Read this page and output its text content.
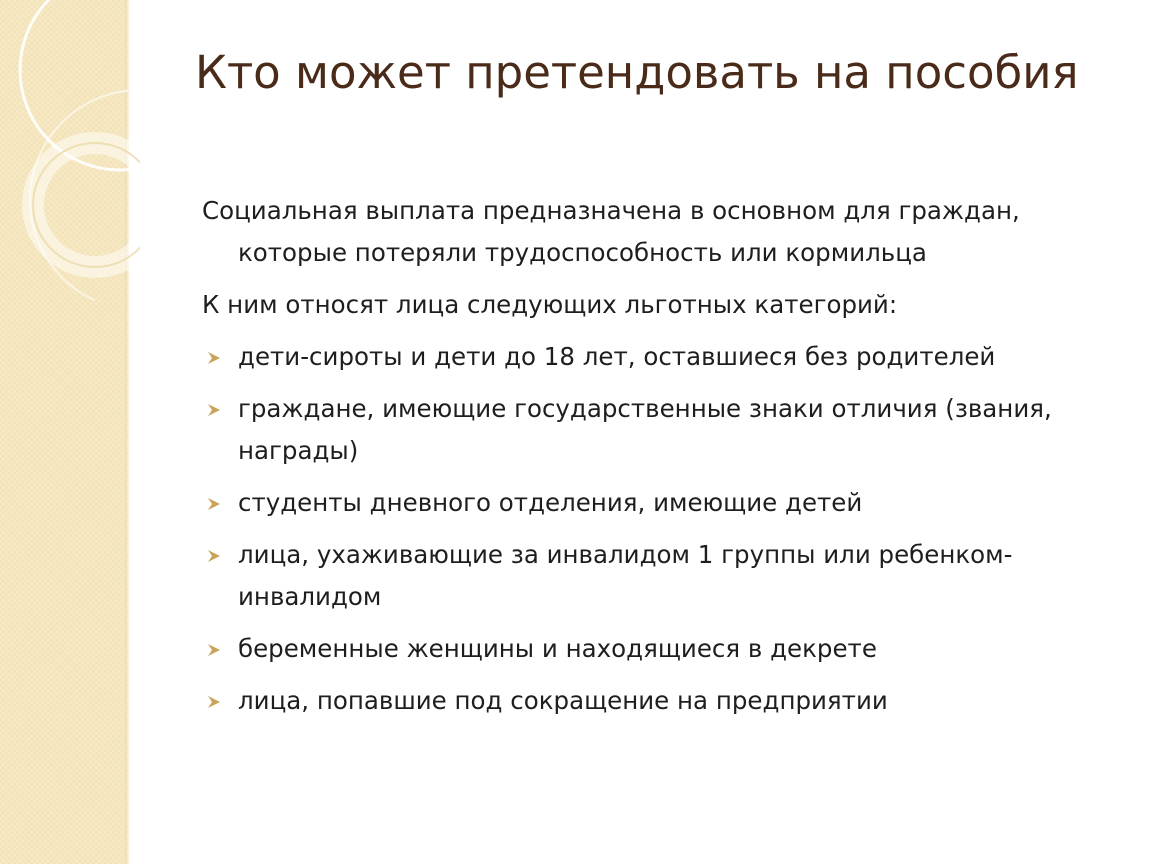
Кто может претендовать на пособия
Социальная выплата предназначена в основном для граждан, которые потеряли трудоспособность или кормильца
К ним относят лица следующих льготных категорий:
дети-сироты и дети до 18 лет, оставшиеся без родителей
граждане, имеющие государственные знаки отличия (звания, награды)
студенты дневного отделения, имеющие детей
лица, ухаживающие за инвалидом 1 группы или ребенком-инвалидом
беременные женщины и находящиеся в декрете
лица, попавшие под сокращение на предприятии
